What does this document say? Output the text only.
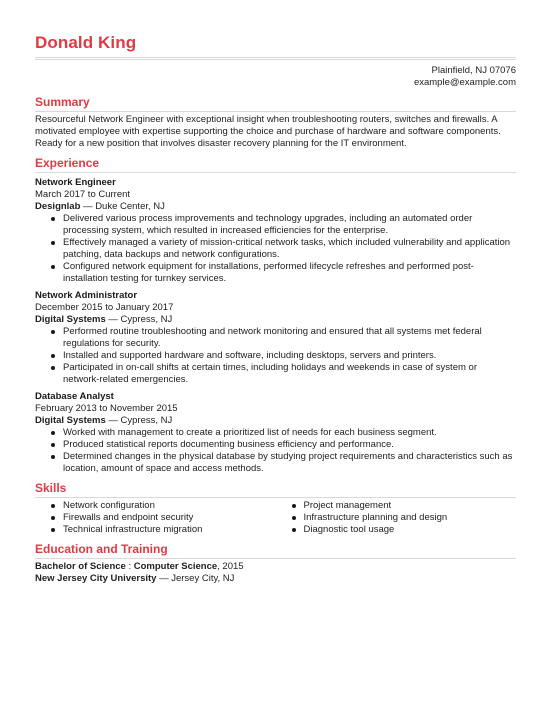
Donald King
Plainfield, NJ 07076
example@example.com
Summary
Resourceful Network Engineer with exceptional insight when troubleshooting routers, switches and firewalls. A motivated employee with expertise supporting the choice and purchase of hardware and software components. Ready for a new position that involves disaster recovery planning for the IT environment.
Experience
Network Engineer
March 2017 to Current
Designlab — Duke Center, NJ
Delivered various process improvements and technology upgrades, including an automated order processing system, which resulted in increased efficiencies for the enterprise.
Effectively managed a variety of mission-critical network tasks, which included vulnerability and application patching, data backups and network configurations.
Configured network equipment for installations, performed lifecycle refreshes and performed post-installation testing for turnkey services.
Network Administrator
December 2015 to January 2017
Digital Systems — Cypress, NJ
Performed routine troubleshooting and network monitoring and ensured that all systems met federal regulations for security.
Installed and supported hardware and software, including desktops, servers and printers.
Participated in on-call shifts at certain times, including holidays and weekends in case of system or network-related emergencies.
Database Analyst
February 2013 to November 2015
Digital Systems — Cypress, NJ
Worked with management to create a prioritized list of needs for each business segment.
Produced statistical reports documenting business efficiency and performance.
Determined changes in the physical database by studying project requirements and characteristics such as location, amount of space and access methods.
Skills
Network configuration
Firewalls and endpoint security
Technical infrastructure migration
Project management
Infrastructure planning and design
Diagnostic tool usage
Education and Training
Bachelor of Science : Computer Science, 2015
New Jersey City University — Jersey City, NJ
